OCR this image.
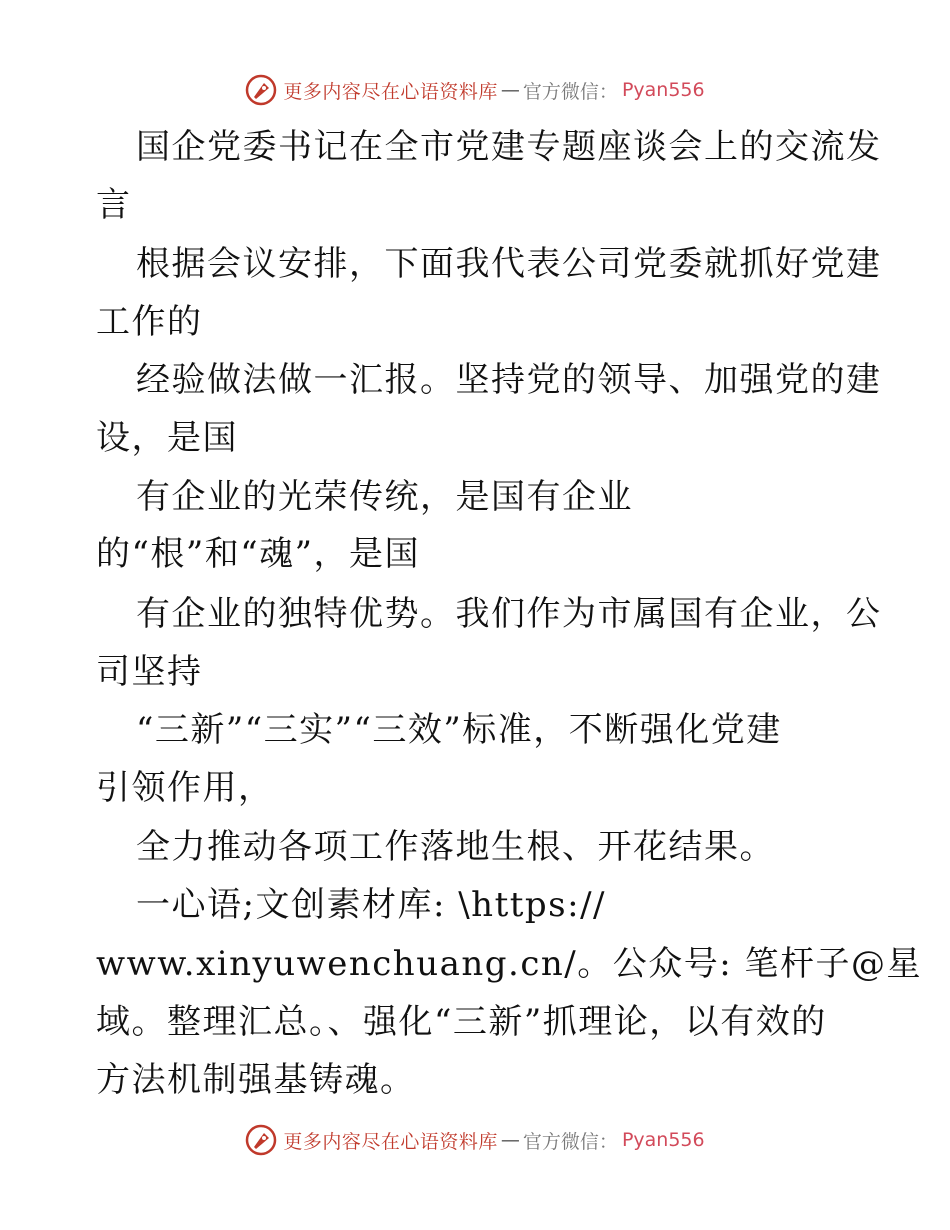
更多内容尽在心语资料库 — 官方微信： Pyan556
国企党委书记在全市党建专题座谈会上的交流发
言
根据会议安排，下面我代表公司党委就抓好党建
工作的
经验做法做一汇报。坚持党的领导、加强党的建
设，是国
有企业的光荣传统，是国有企业
的“根”和“魂”，是国
有企业的独特优势。我们作为市属国有企业，公
司坚持
“三新”“三实”“三效”标准，不断强化党建
引领作用，
全力推动各项工作落地生根、开花结果。
一心语;文创素材库: \https://
www.xinyuwenchuang.cn/。公众号: 笔杆子@星
域。整理汇总。、强化“三新”抓理论，以有效的
方法机制强基铸魂。
更多内容尽在心语资料库 — 官方微信： Pyan556
